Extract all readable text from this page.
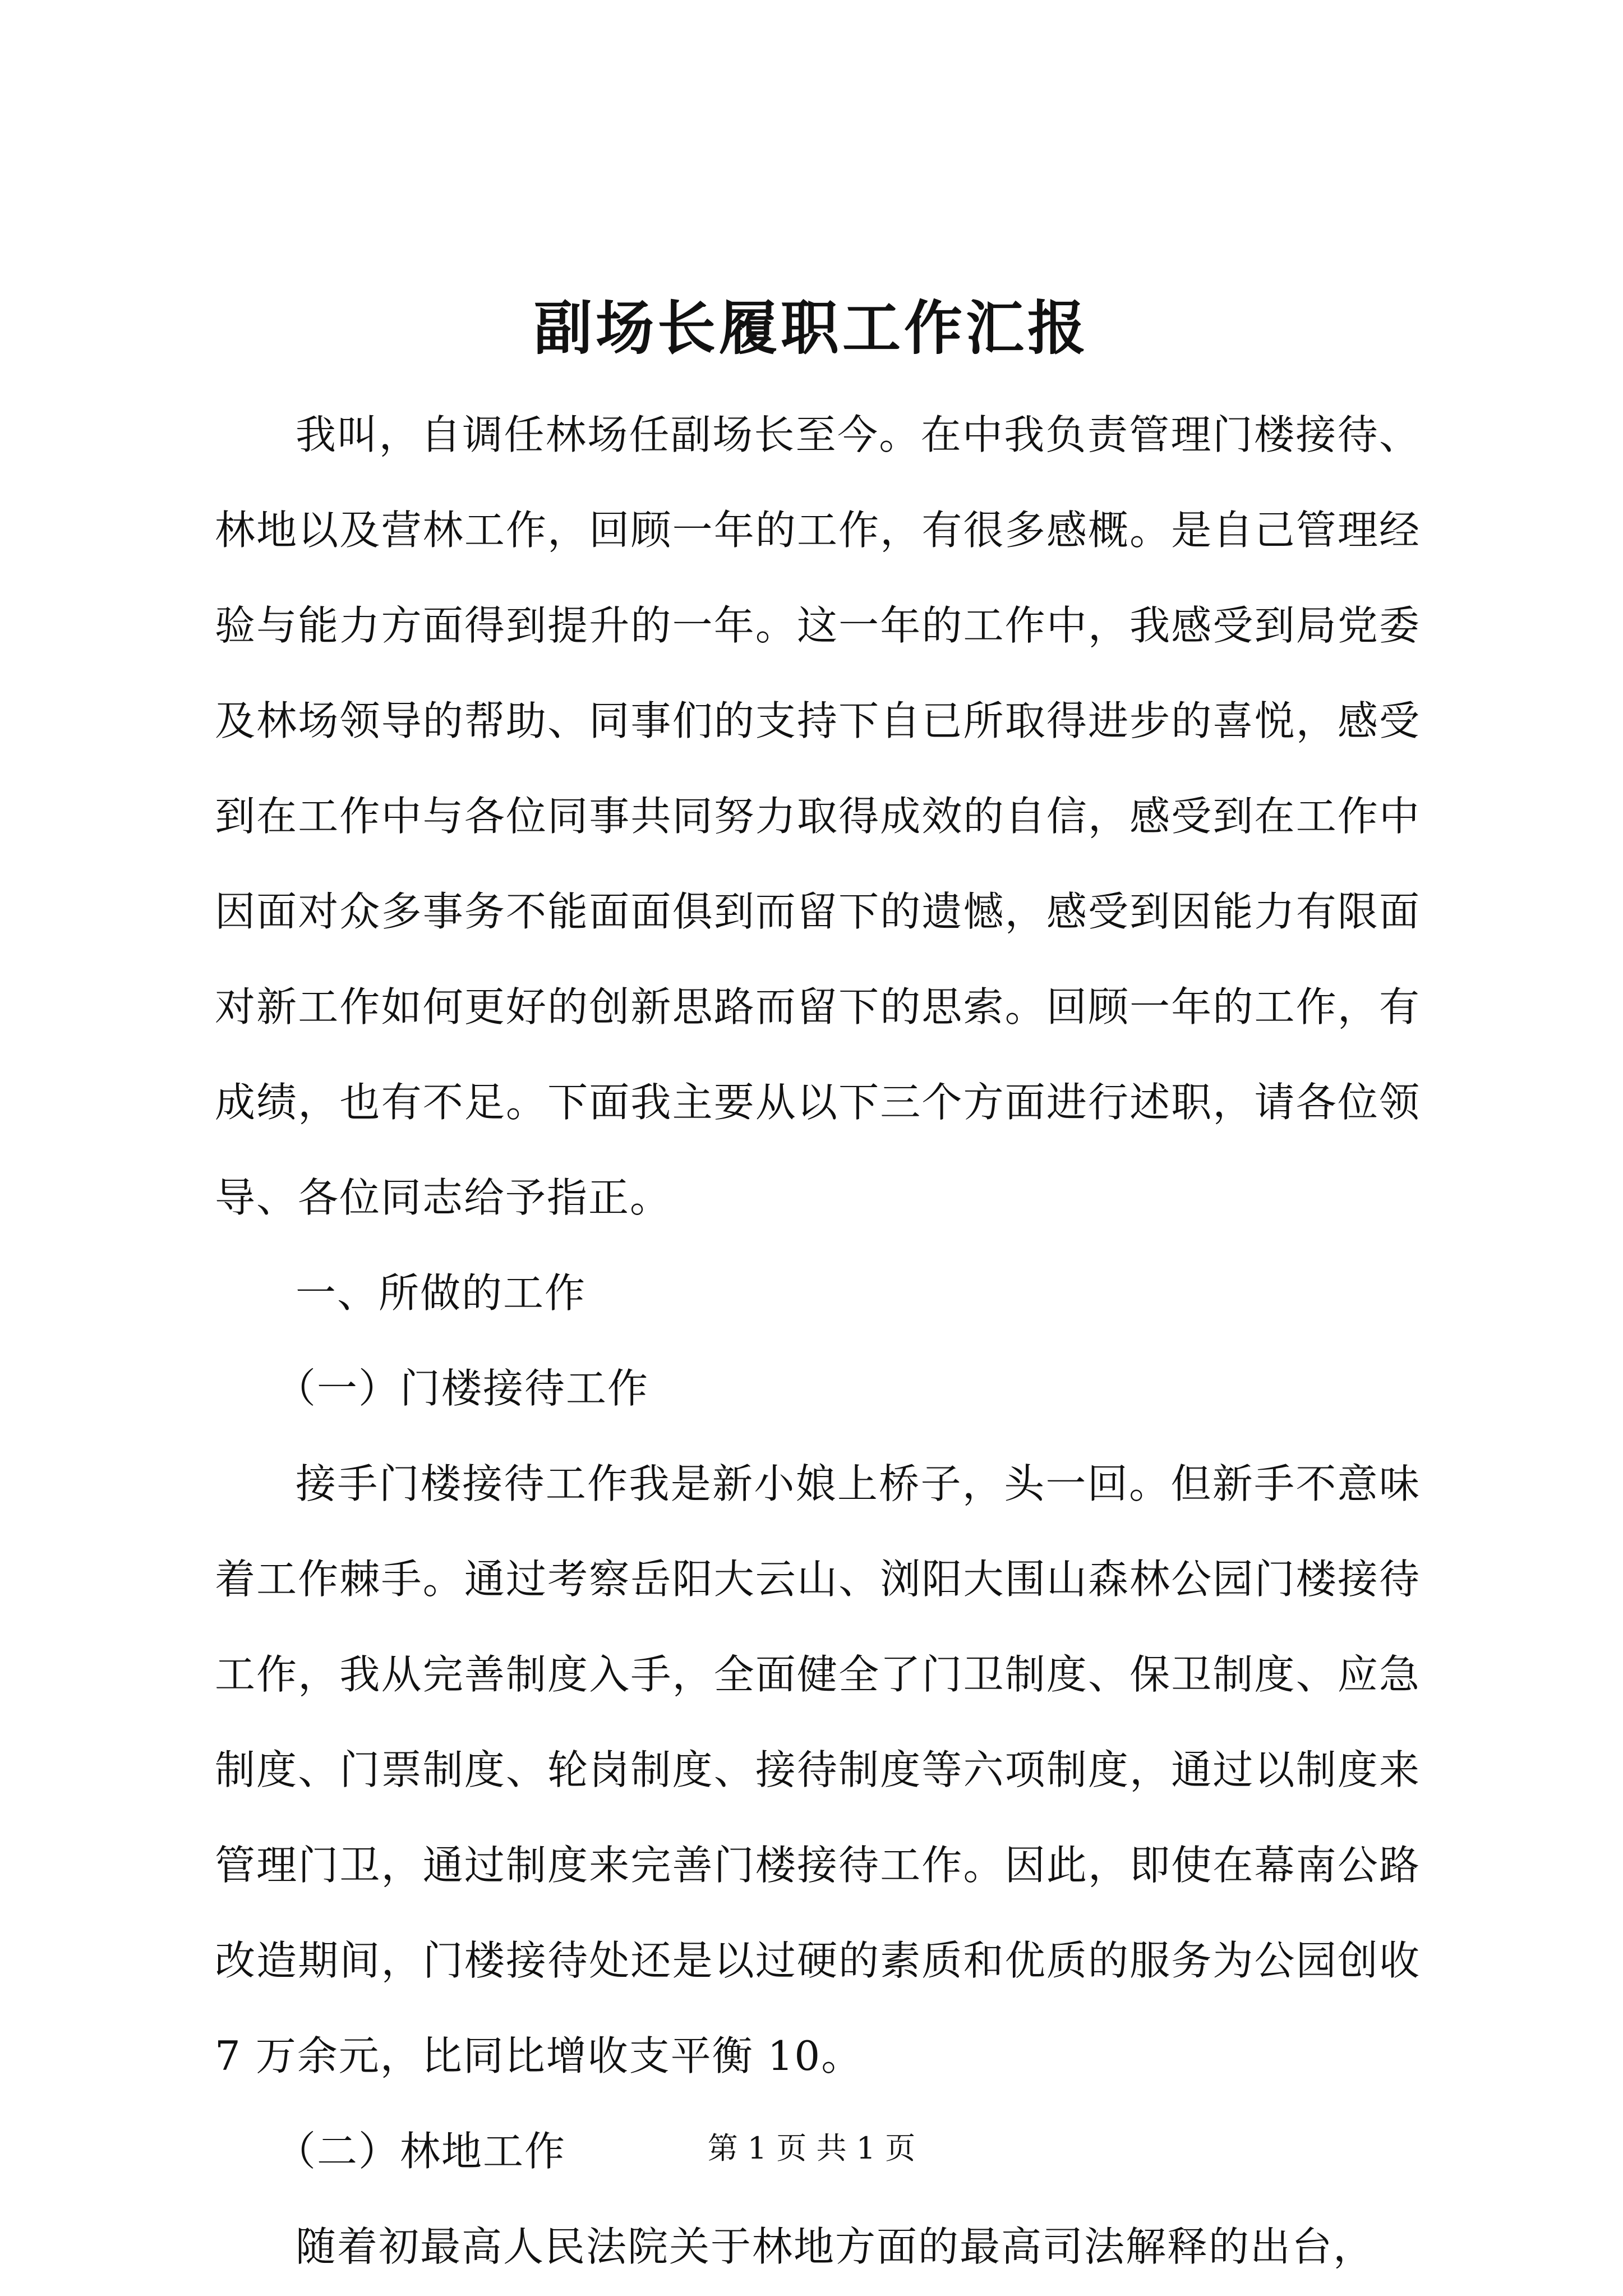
副场长履职工作汇报

我叫，自调任林场任副场长至今。在中我负责管理门楼接待、林地以及营林工作，回顾一年的工作，有很多感概。是自己管理经验与能力方面得到提升的一年。这一年的工作中，我感受到局党委及林场领导的帮助、同事们的支持下自已所取得进步的喜悦，感受到在工作中与各位同事共同努力取得成效的自信，感受到在工作中因面对众多事务不能面面俱到而留下的遗憾，感受到因能力有限面对新工作如何更好的创新思路而留下的思索。回顾一年的工作，有成绩，也有不足。下面我主要从以下三个方面进行述职，请各位领导、各位同志给予指正。

一、所做的工作

（一）门楼接待工作

接手门楼接待工作我是新小娘上桥子，头一回。但新手不意味着工作棘手。通过考察岳阳大云山、浏阳大围山森林公园门楼接待工作，我从完善制度入手，全面健全了门卫制度、保卫制度、应急制度、门票制度、轮岗制度、接待制度等六项制度，通过以制度来管理门卫，通过制度来完善门楼接待工作。因此，即使在幕南公路改造期间，门楼接待处还是以过硬的素质和优质的服务为公园创收 7 万余元，比同比增收支平衡 10。

（二）林地工作

随着初最高人民法院关于林地方面的最高司法解释的出台，

第 1 页 共 1 页
